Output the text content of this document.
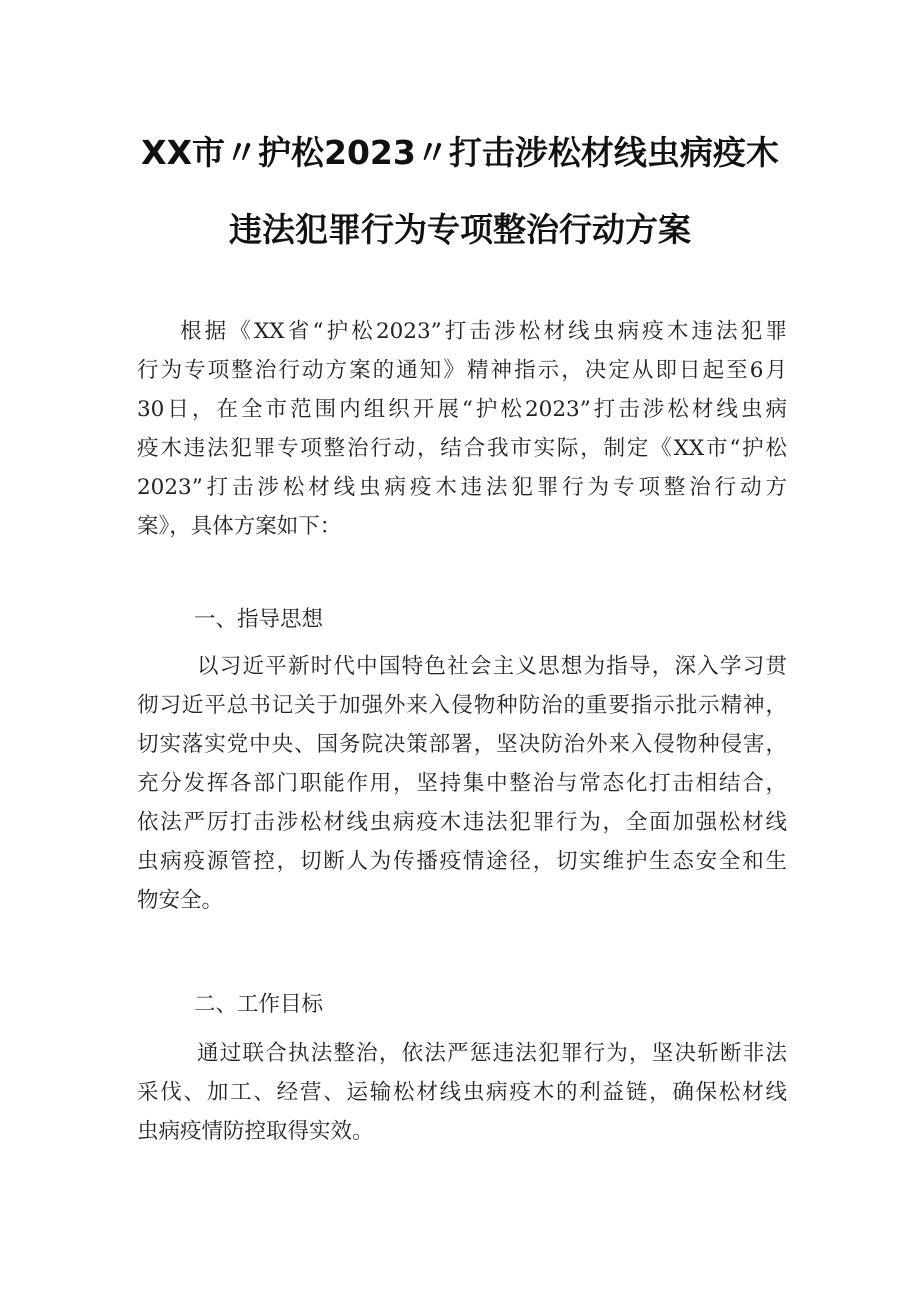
XX市〃护松2023〃打击涉松材线虫病疫木
违法犯罪行为专项整治行动方案
根据《XX省“护松2023”打击涉松材线虫病疫木违法犯罪
行为专项整治行动方案的通知》精神指示，决定从即日起至6月
30日，在全市范围内组织开展“护松2023”打击涉松材线虫病
疫木违法犯罪专项整治行动，结合我市实际，制定《XX市“护松
2023”打击涉松材线虫病疫木违法犯罪行为专项整治行动方
案》，具体方案如下：
一、指导思想
以习近平新时代中国特色社会主义思想为指导，深入学习贯
彻习近平总书记关于加强外来入侵物种防治的重要指示批示精神，
切实落实党中央、国务院决策部署，坚决防治外来入侵物种侵害，
充分发挥各部门职能作用，坚持集中整治与常态化打击相结合，
依法严厉打击涉松材线虫病疫木违法犯罪行为，全面加强松材线
虫病疫源管控，切断人为传播疫情途径，切实维护生态安全和生
物安全。
二、工作目标
通过联合执法整治，依法严惩违法犯罪行为，坚决斩断非法
采伐、加工、经营、运输松材线虫病疫木的利益链，确保松材线
虫病疫情防控取得实效。
